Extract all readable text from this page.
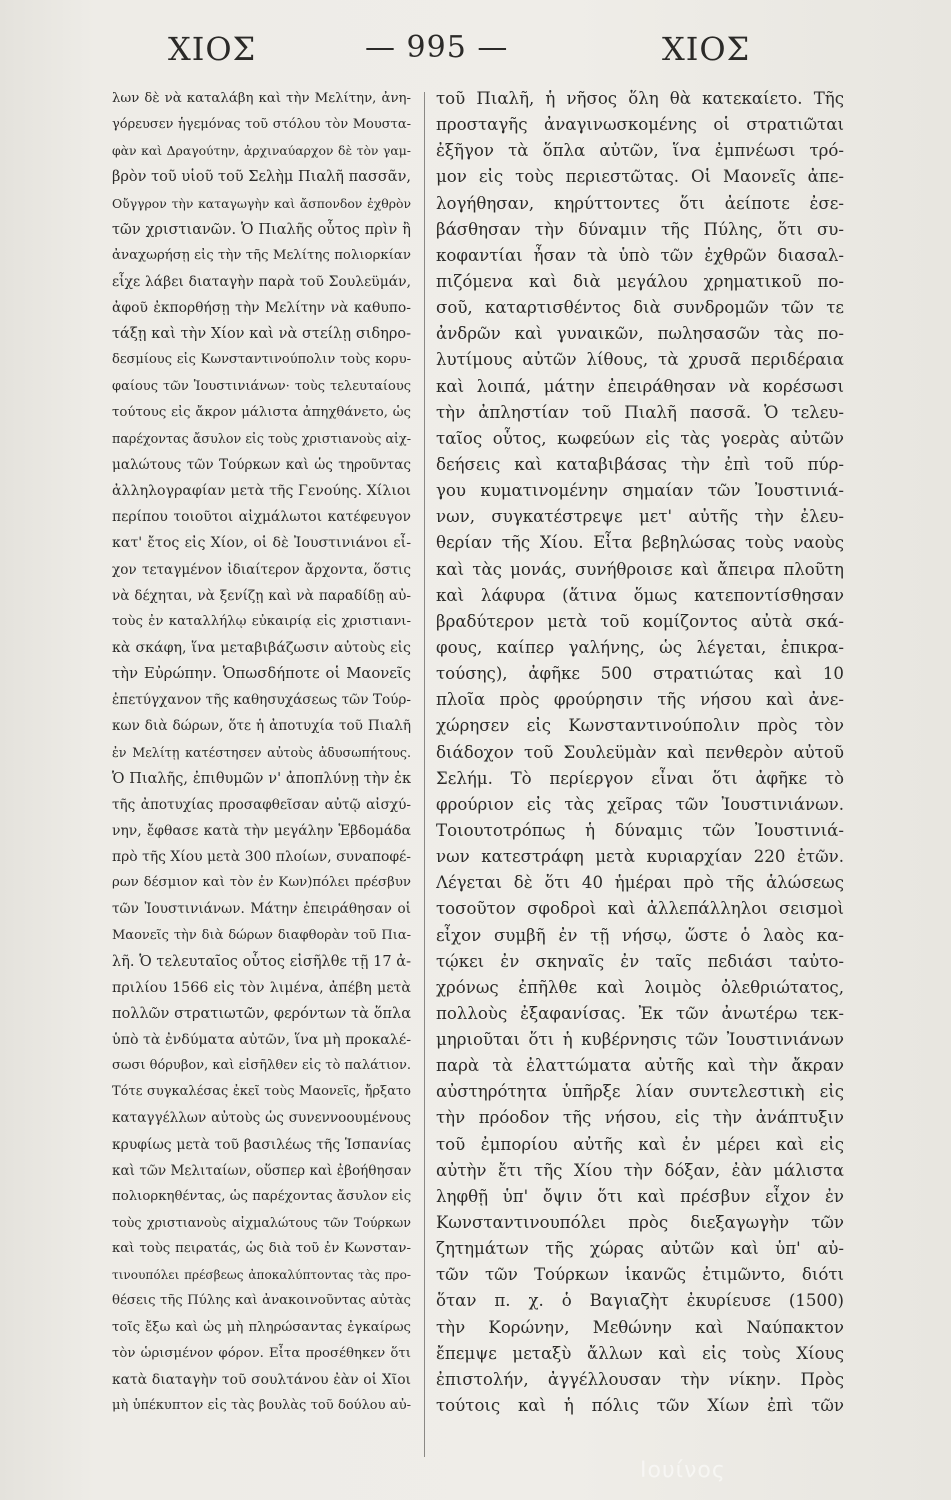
ΧΙΟΣ	— 995 —	ΧΙΟΣ
λων δὲ νὰ καταλάβη καὶ τὴν Μελίτην, ἀνη-
γόρευσεν ἡγεμόνας τοῦ στόλου τὸν Μουστα-
φὰν καὶ Δραγούτην, ἀρχιναύαρχον δὲ τὸν γαμ-
βρὸν τοῦ υἱοῦ τοῦ Σελὴμ Πιαλῆ πασσᾶν,
Οὔγγρον τὴν καταγωγὴν καὶ ἄσπονδον ἐχθρὸν
τῶν χριστιανῶν. Ὁ Πιαλῆς οὗτος πρὶν ἢ
ἀναχωρήσῃ εἰς τὴν τῆς Μελίτης πολιορκίαν
εἶχε λάβει διαταγὴν παρὰ τοῦ Σουλεϋμάν,
ἀφοῦ ἐκπορθήσῃ τὴν Μελίτην νὰ καθυπο-
τάξῃ καὶ τὴν Χίον καὶ νὰ στείλῃ σιδηρο-
δεσμίους εἰς Κωνσταντινούπολιν τοὺς κορυ-
φαίους τῶν Ἰουστινιάνων· τοὺς τελευταίους
τούτους εἰς ἄκρον μάλιστα ἀπηχθάνετο, ὡς
παρέχοντας ἄσυλον εἰς τοὺς χριστιανοὺς αἰχ-
μαλώτους τῶν Τούρκων καὶ ὡς τηροῦντας
ἀλληλογραφίαν μετὰ τῆς Γενούης. Χίλιοι
περίπου τοιοῦτοι αἰχμάλωτοι κατέφευγον
κατ' ἔτος εἰς Χίον, οἱ δὲ Ἰουστινιάνοι εἶ-
χον τεταγμένον ἰδιαίτερον ἄρχοντα, ὅστις
νὰ δέχηται, νὰ ξενίζῃ καὶ νὰ παραδίδῃ αὐ-
τοὺς ἐν καταλλήλῳ εὐκαιρίᾳ εἰς χριστιανι-
κὰ σκάφη, ἵνα μεταβιβάζωσιν αὐτοὺς εἰς
τὴν Εὐρώπην. Ὁπωσδήποτε οἱ Μαονεῖς
ἐπετύγχανον τῆς καθησυχάσεως τῶν Τούρ-
κων διὰ δώρων, ὅτε ἡ ἀποτυχία τοῦ Πιαλῆ
ἐν Μελίτῃ κατέστησεν αὐτοὺς ἀδυσωπήτους.
Ὁ Πιαλῆς, ἐπιθυμῶν ν' ἀποπλύνῃ τὴν ἐκ
τῆς ἀποτυχίας προσαφθεῖσαν αὐτῷ αἰσχύ-
νην, ἔφθασε κατὰ τὴν μεγάλην Ἑβδομάδα
πρὸ τῆς Χίου μετὰ 300 πλοίων, συναποφέ-
ρων δέσμιον καὶ τὸν ἐν Κων)πόλει πρέσβυν
τῶν Ἰουστινιάνων. Μάτην ἐπειράθησαν οἱ
Μαονεῖς τὴν διὰ δώρων διαφθορὰν τοῦ Πια-
λῆ. Ὁ τελευταῖος οὗτος εἰσῆλθε τῇ 17 ἀ-
πριλίου 1566 εἰς τὸν λιμένα, ἀπέβη μετὰ
πολλῶν στρατιωτῶν, φερόντων τὰ ὅπλα
ὑπὸ τὰ ἐνδύματα αὐτῶν, ἵνα μὴ προκαλέ-
σωσι θόρυβον, καὶ εἰσῆλθεν εἰς τὸ παλάτιον.
Τότε συγκαλέσας ἐκεῖ τοὺς Μαονεῖς, ἤρξατο
καταγγέλλων αὐτοὺς ὡς συνεννοουμένους
κρυφίως μετὰ τοῦ βασιλέως τῆς Ἱσπανίας
καὶ τῶν Μελιταίων, οὕσπερ καὶ ἐβοήθησαν
πολιορκηθέντας, ὡς παρέχοντας ἄσυλον εἰς
τοὺς χριστιανοὺς αἰχμαλώτους τῶν Τούρκων
καὶ τοὺς πειρατάς, ὡς διὰ τοῦ ἐν Κωνσταν-
τινουπόλει πρέσβεως ἀποκαλύπτοντας τὰς προ-
θέσεις τῆς Πύλης καὶ ἀνακοινοῦντας αὐτὰς
τοῖς ἔξω καὶ ὡς μὴ πληρώσαντας ἐγκαίρως
τὸν ὡρισμένον φόρον. Εἶτα προσέθηκεν ὅτι
κατὰ διαταγὴν τοῦ σουλτάνου ἐὰν οἱ Χῖοι
μὴ ὑπέκυπτον εἰς τὰς βουλὰς τοῦ δούλου αὐ-
τοῦ Πιαλῆ, ἡ νῆσος ὅλη θὰ κατεκαίετο. Τῆς
προσταγῆς ἀναγινωσκομένης οἱ στρατιῶται
ἐξῆγον τὰ ὅπλα αὐτῶν, ἵνα ἐμπνέωσι τρό-
μον εἰς τοὺς περιεστῶτας. Οἱ Μαονεῖς ἀπε-
λογήθησαν, κηρύττοντες ὅτι ἀείποτε ἐσε-
βάσθησαν τὴν δύναμιν τῆς Πύλης, ὅτι συ-
κοφαντίαι ἦσαν τὰ ὑπὸ τῶν ἐχθρῶν διασαλ-
πιζόμενα καὶ διὰ μεγάλου χρηματικοῦ πο-
σοῦ, καταρτισθέντος διὰ συνδρομῶν τῶν τε
ἀνδρῶν καὶ γυναικῶν, πωλησασῶν τὰς πο-
λυτίμους αὐτῶν λίθους, τὰ χρυσᾶ περιδέραια
καὶ λοιπά, μάτην ἐπειράθησαν νὰ κορέσωσι
τὴν ἀπληστίαν τοῦ Πιαλῆ πασσᾶ. Ὁ τελευ-
ταῖος οὗτος, κωφεύων εἰς τὰς γοερὰς αὐτῶν
δεήσεις καὶ καταβιβάσας τὴν ἐπὶ τοῦ πύρ-
γου κυματινομένην σημαίαν τῶν Ἰουστινιά-
νων, συγκατέστρεψε μετ' αὐτῆς τὴν ἐλευ-
θερίαν τῆς Χίου. Εἶτα βεβηλώσας τοὺς ναοὺς
καὶ τὰς μονάς, συνήθροισε καὶ ἄπειρα πλοῦτη
καὶ λάφυρα (ἅτινα ὅμως κατεποντίσθησαν
βραδύτερον μετὰ τοῦ κομίζοντος αὐτὰ σκά-
φους, καίπερ γαλήνης, ὡς λέγεται, ἐπικρα-
τούσης), ἀφῆκε 500 στρατιώτας καὶ 10
πλοῖα πρὸς φρούρησιν τῆς νήσου καὶ ἀνε-
χώρησεν εἰς Κωνσταντινούπολιν πρὸς τὸν
διάδοχον τοῦ Σουλεϋμὰν καὶ πενθερὸν αὐτοῦ
Σελήμ. Τὸ περίεργον εἶναι ὅτι ἀφῆκε τὸ
φρούριον εἰς τὰς χεῖρας τῶν Ἰουστινιάνων.
Τοιουτοτρόπως ἡ δύναμις τῶν Ἰουστινιά-
νων κατεστράφη μετὰ κυριαρχίαν 220 ἐτῶν.
Λέγεται δὲ ὅτι 40 ἡμέραι πρὸ τῆς ἁλώσεως
τοσοῦτον σφοδροὶ καὶ ἀλλεπάλληλοι σεισμοὶ
εἶχον συμβῆ ἐν τῇ νήσῳ, ὥστε ὁ λαὸς κα-
τῴκει ἐν σκηναῖς ἐν ταῖς πεδιάσι ταὐτο-
χρόνως ἐπῆλθε καὶ λοιμὸς ὀλεθριώτατος,
πολλοὺς ἐξαφανίσας. Ἐκ τῶν ἀνωτέρω τεκ-
μηριοῦται ὅτι ἡ κυβέρνησις τῶν Ἰουστινιάνων
παρὰ τὰ ἐλαττώματα αὐτῆς καὶ τὴν ἄκραν
αὐστηρότητα ὑπῆρξε λίαν συντελεστικὴ εἰς
τὴν πρόοδον τῆς νήσου, εἰς τὴν ἀνάπτυξιν
τοῦ ἐμπορίου αὐτῆς καὶ ἐν μέρει καὶ εἰς
αὐτὴν ἔτι τῆς Χίου τὴν δόξαν, ἐὰν μάλιστα
ληφθῇ ὑπ' ὄψιν ὅτι καὶ πρέσβυν εἶχον ἐν
Κωνσταντινουπόλει πρὸς διεξαγωγὴν τῶν
ζητημάτων τῆς χώρας αὐτῶν καὶ ὑπ' αὐ-
τῶν τῶν Τούρκων ἱκανῶς ἐτιμῶντο, διότι
ὅταν π. χ. ὁ Βαγιαζὴτ ἐκυρίευσε (1500)
τὴν Κορώνην, Μεθώνην καὶ Ναύπακτον
ἔπεμψε μεταξὺ ἄλλων καὶ εἰς τοὺς Χίους
ἐπιστολήν, ἀγγέλλουσαν τὴν νίκην. Πρὸς
τούτοις καὶ ἡ πόλις τῶν Χίων ἐπὶ τῶν
Ιουίνος
